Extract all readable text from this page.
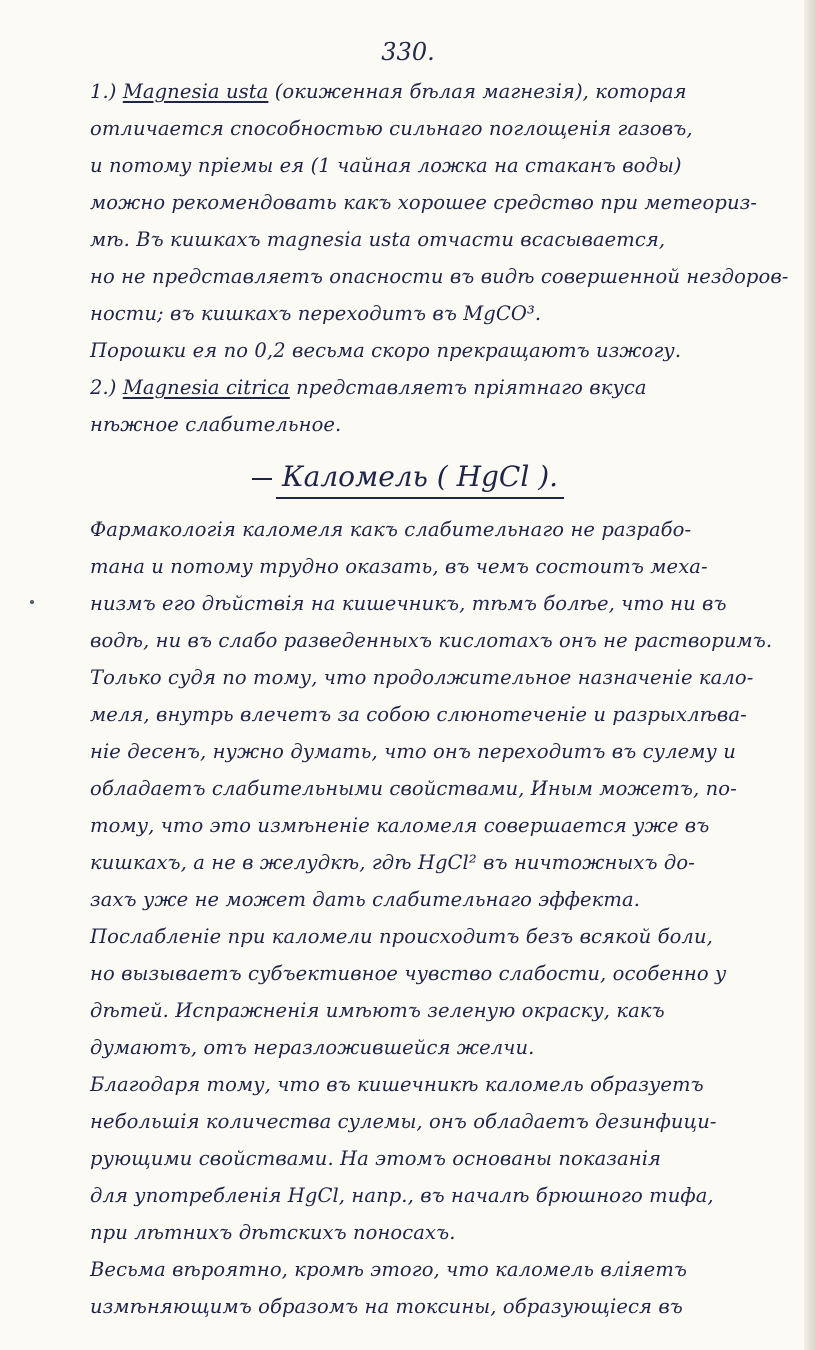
330.
1.) Magnesia usta (окиженная бѣлая магнезія), которая
отличается способностью сильнаго поглощенія газовъ,
и потому пріемы ея (1 чайная ложка на стаканъ воды)
можно рекомендовать какъ хорошее средство при метеориз-
мѣ. Въ кишкахъ magnesia usta отчасти всасывается,
но не представляетъ опасности въ видѣ совершенной нездоров-
ности; въ кишкахъ переходитъ въ MgCO³.
Порошки ея по 0,2 весьма скоро прекращаютъ изжогу.
2.) Magnesia citrica представляетъ пріятнаго вкуса
нѣжное слабительное.
Каломель ( HgCl ).
Фармакологія каломеля какъ слабительнаго не разрабо-
тана и потому трудно оказать, въ чемъ состоитъ меха-
низмъ его дѣйствія на кишечникъ, тѣмъ болѣе, что ни въ
водѣ, ни въ слабо разведенныхъ кислотахъ онъ не растворимъ.
Только судя по тому, что продолжительное назначеніе кало-
меля, внутрь влечетъ за собою слюнотеченіе и разрыхлѣва-
ніе десенъ, нужно думать, что онъ переходитъ въ сулему и
обладаетъ слабительными свойствами, Иным можетъ, по-
тому, что это измѣненіе каломеля совершается уже въ
кишкахъ, а не в желудкѣ, гдѣ HgCl² въ ничтожныхъ до-
захъ уже не может дать слабительнаго эффекта.
Послабленіе при каломели происходитъ безъ всякой боли,
но вызываетъ субъективное чувство слабости, особенно у
дѣтей. Испражненія имѣютъ зеленую окраску, какъ
думаютъ, отъ неразложившейся желчи.
Благодаря тому, что въ кишечникѣ каломель образуетъ
небольшія количества сулемы, онъ обладаетъ дезинфици-
рующими свойствами. На этомъ основаны показанія
для употребленія HgCl, напр., въ началѣ брюшного тифа,
при лѣтнихъ дѣтскихъ поносахъ.
Весьма вѣроятно, кромѣ этого, что каломель вліяетъ
измѣняющимъ образомъ на токсины, образующіеся въ
